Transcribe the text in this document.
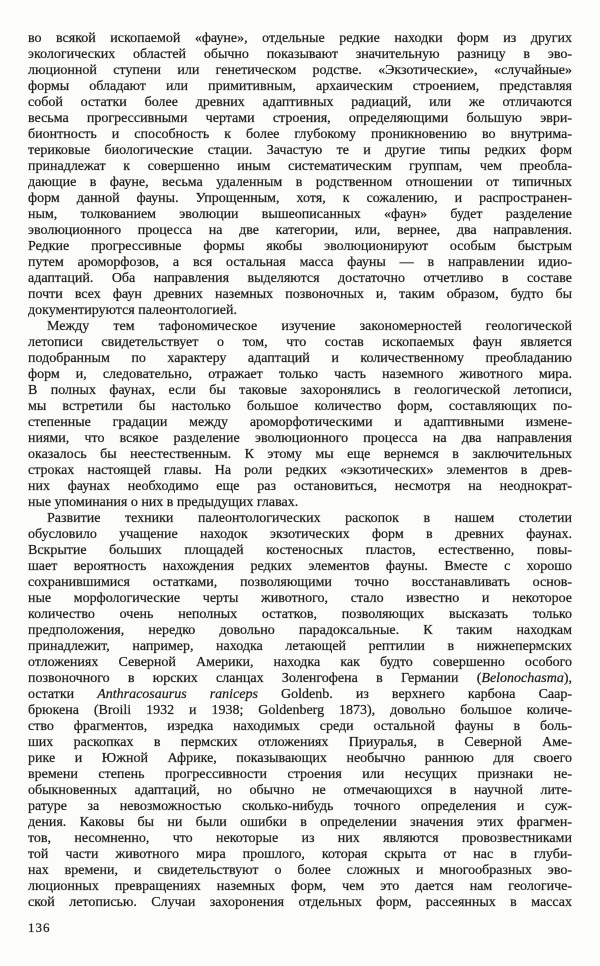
во всякой ископаемой «фауне», отдельные редкие находки форм из других
экологических областей обычно показывают значительную разницу в эво-
люционной ступени или генетическом родстве. «Экзотические», «случайные»
формы обладают или примитивным, архаическим строением, представляя
собой остатки более древних адаптивных радиаций, или же отличаются
весьма прогрессивными чертами строения, определяющими большую эври-
бионтность и способность к более глубокому проникновению во внутрима-
териковые биологические стации. Зачастую те и другие типы редких форм
принадлежат к совершенно иным систематическим группам, чем преобла-
дающие в фауне, весьма удаленным в родственном отношении от типичных
форм данной фауны. Упрощенным, хотя, к сожалению, и распространен-
ным, толкованием эволюции вышеописанных «фаун» будет разделение
эволюционного процесса на две категории, или, вернее, два направления.
Редкие прогрессивные формы якобы эволюционируют особым быстрым
путем ароморфозов, а вся остальная масса фауны — в направлении идио-
адаптаций. Оба направления выделяются достаточно отчетливо в составе
почти всех фаун древних наземных позвоночных и, таким образом, будто бы
документируются палеонтологией.
Между тем тафономическое изучение закономерностей геологической
летописи свидетельствует о том, что состав ископаемых фаун является
подобранным по характеру адаптаций и количественному преобладанию
форм и, следовательно, отражает только часть наземного животного мира.
В полных фаунах, если бы таковые захоронялись в геологической летописи,
мы встретили бы настолько большое количество форм, составляющих по-
степенные градации между ароморфотическими и адаптивными измене-
ниями, что всякое разделение эволюционного процесса на два направления
оказалось бы неестественным. К этому мы еще вернемся в заключительных
строках настоящей главы. На роли редких «экзотических» элементов в древ-
них фаунах необходимо еще раз остановиться, несмотря на неоднократ-
ные упоминания о них в предыдущих главах.
Развитие техники палеонтологических раскопок в нашем столетии
обусловило учащение находок экзотических форм в древних фаунах.
Вскрытие больших площадей костеносных пластов, естественно, повы-
шает вероятность нахождения редких элементов фауны. Вместе с хорошо
сохранившимися остатками, позволяющими точно восстанавливать основ-
ные морфологические черты животного, стало известно и некоторое
количество очень неполных остатков, позволяющих высказать только
предположения, нередко довольно парадоксальные. К таким находкам
принадлежит, например, находка летающей рептилии в нижнепермских
отложениях Северной Америки, находка как будто совершенно особого
позвоночного в юрских сланцах Золенгофена в Германии (Belonochasma),
остатки Anthracosaurus raniceps Goldenb. из верхнего карбона Саар-
брюкена (Broili 1932 и 1938; Goldenberg 1873), довольно большое количе-
ство фрагментов, изредка находимых среди остальной фауны в боль-
ших раскопках в пермских отложениях Приуралья, в Северной Аме-
рике и Южной Африке, показывающих необычно раннюю для своего
времени степень прогрессивности строения или несущих признаки не-
обыкновенных адаптаций, но обычно не отмечающихся в научной лите-
ратуре за невозможностью сколько-нибудь точного определения и суж-
дения. Каковы бы ни были ошибки в определении значения этих фрагмен-
тов, несомненно, что некоторые из них являются провозвестниками
той части животного мира прошлого, которая скрыта от нас в глуби-
нах времени, и свидетельствуют о более сложных и многообразных эво-
люционных превращениях наземных форм, чем это дается нам геологиче-
ской летописью. Случаи захоронения отдельных форм, рассеянных в массах
136
